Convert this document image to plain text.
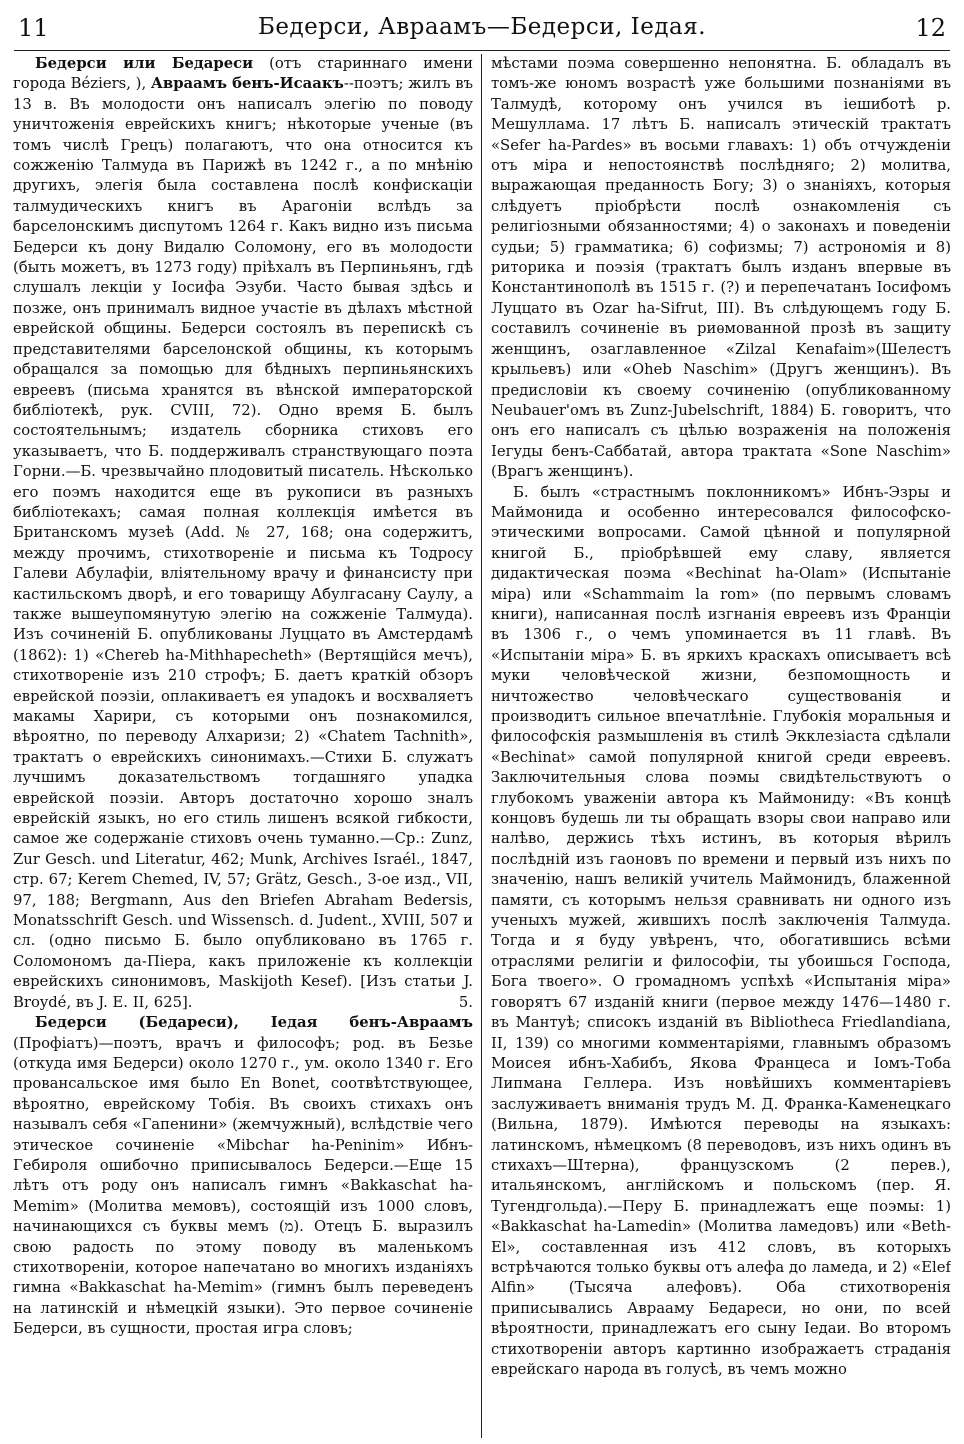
11	Бедерси, Авраамъ—Бедерси, Іедая.	12

Бедерси или Бедареси (отъ стариннаго имени города Béziers, ), Авраамъ бенъ-Исаакъ--поэтъ; жилъ въ 13 в. Въ молодости онъ написалъ элегію по поводу уничтоженія еврейскихъ книгъ; нѣкоторые ученые (въ томъ числѣ Грецъ) полагаютъ, что она относится къ сожженію Талмуда въ Парижѣ въ 1242 г., а по мнѣнію другихъ, элегія была составлена послѣ конфискаціи талмудическихъ книгъ въ Арагоніи вслѣдъ за барселонскимъ диспутомъ 1264 г. Какъ видно изъ письма Бедерси къ дону Видалю Соломону, его въ молодости (быть можетъ, въ 1273 году) пріѣхалъ въ Перпиньянъ, гдѣ слушалъ лекціи у Іосифа Эзуби. Часто бывая здѣсь и позже, онъ принималъ видное участіе въ дѣлахъ мѣстной еврейской общины. Бедерси состоялъ въ перепискѣ съ представителями барселонской общины, къ которымъ обращался за помощью для бѣдныхъ перпиньянскихъ евреевъ (письма хранятся въ вѣнской императорской библіотекѣ, рук. CVIII, 72). Одно время Б. былъ состоятельнымъ; издатель сборника стиховъ его указываетъ, что Б. поддерживалъ странствующаго поэта Горни.—Б. чрезвычайно плодовитый писатель. Нѣсколько его поэмъ находится еще въ рукописи въ разныхъ библіотекахъ; самая полная коллекція имѣется въ Британскомъ музеѣ (Add. № 27, 168; она содержитъ, между прочимъ, стихотвореніе и письма къ Тодросу Галеви Абулафіи, вліятельному врачу и финансисту при кастильскомъ дворѣ, и его товарищу Абулгасану Саулу, а также вышеупомянутую элегію на сожженіе Талмуда). Изъ сочиненій Б. опубликованы Луццато въ Амстердамѣ (1862): 1) «Chereb ha-Mithhapecheth» (Вертящійся мечъ), стихотвореніе изъ 210 строфъ; Б. даетъ краткій обзоръ еврейской поэзіи, оплакиваетъ ея упадокъ и восхваляетъ макамы Харири, съ которыми онъ познакомился, вѣроятно, по переводу Алхаризи; 2) «Chatem Tachnith», трактатъ о еврейскихъ синонимахъ.—Стихи Б. служатъ лучшимъ доказательствомъ тогдашняго упадка еврейской поэзіи. Авторъ достаточно хорошо зналъ еврейскій языкъ, но его стиль лишенъ всякой гибкости, самое же содержаніе стиховъ очень туманно.—Ср.: Zunz, Zur Gesch. und Literatur, 462; Munk, Archives Israél., 1847, стр. 67; Kerem Chemed, IV, 57; Grätz, Gesch., 3-ое изд., VII, 97, 188; Bergmann, Aus den Briefen Abraham Bedersis, Monatsschrift Gesch. und Wissensch. d. Judent., XVIII, 507 и сл. (одно письмо Б. было опубликовано въ 1765 г. Соломономъ да-Піера, какъ приложеніе къ коллекціи еврейскихъ синонимовъ, Maskijoth Kesef). [Изъ статьи J. Broydé, въ J. E. II, 625].	5.

Бедерси (Бедареси), Іедая бенъ-Авраамъ (Профіатъ)—поэтъ, врачъ и философъ; род. въ Безье (откуда имя Бедерси) около 1270 г., ум. около 1340 г. Его провансальское имя было En Bonet, соотвѣтствующее, вѣроятно, еврейскому Тобія. Въ своихъ стихахъ онъ называлъ себя «Гапенини» (жемчужный), вслѣдствіе чего этическое сочиненіе «Mibchar ha-Peninim» Ибнъ-Гебироля ошибочно приписывалось Бедерси.—Еще 15 лѣтъ отъ роду онъ написалъ гимнъ «Bakkaschat ha-Memim» (Молитва мемовъ), состоящій изъ 1000 словъ, начинающихся съ буквы мемъ (מ). Отецъ Б. выразилъ свою радость по этому поводу въ маленькомъ стихотвореніи, которое напечатано во многихъ изданіяхъ гимна «Bakkaschat ha-Memim» (гимнъ былъ переведенъ на латинскій и нѣмецкій языки). Это первое сочиненіе Бедерси, въ сущности, простая игра словъ;

мѣстами поэма совершенно непонятна. Б. обладалъ въ томъ-же юномъ возрастѣ уже большими познаніями въ Талмудѣ, которому онъ учился въ іешиботѣ р. Мешуллама. 17 лѣтъ Б. написалъ этическій трактатъ «Sefer ha-Pardes» въ восьми главахъ: 1) объ отчужденіи отъ міра и непостоянствѣ послѣдняго; 2) молитва, выражающая преданность Богу; 3) о знаніяхъ, которыя слѣдуетъ пріобрѣсти послѣ ознакомленія съ религіозными обязанностями; 4) о законахъ и поведеніи судьи; 5) грамматика; 6) софизмы; 7) астрономія и 8) риторика и поэзія (трактатъ былъ изданъ впервые въ Константинополѣ въ 1515 г. (?) и перепечатанъ Іосифомъ Луццато въ Ozar ha-Sifrut, III). Въ слѣдующемъ году Б. составилъ сочиненіе въ риѳмованной прозѣ въ защиту женщинъ, озаглавленное «Zilzal Kenafaim»(Шелестъ крыльевъ) или «Oheb Naschim» (Другъ женщинъ). Въ предисловіи къ своему сочиненію (опубликованному Neubauer'омъ въ Zunz-Jubelschrift, 1884) Б. говоритъ, что онъ его написалъ съ цѣлью возраженія на положенія Іегуды бенъ-Саббатай, автора трактата «Sone Naschim» (Врагъ женщинъ).

Б. былъ «страстнымъ поклонникомъ» Ибнъ-Эзры и Маймонида и особенно интересовался философско-этическими вопросами. Самой цѣнной и популярной книгой Б., пріобрѣвшей ему славу, является дидактическая поэма «Bechinat ha-Olam» (Испытаніе міра) или «Schammaim la rom» (по первымъ словамъ книги), написанная послѣ изгнанія евреевъ изъ Франціи въ 1306 г., о чемъ упоминается въ 11 главѣ. Въ «Испытаніи міра» Б. въ яркихъ краскахъ описываетъ всѣ муки человѣческой жизни, безпомощность и ничтожество человѣческаго существованія и производитъ сильное впечатлѣніе. Глубокія моральныя и философскія размышленія въ стилѣ Экклезіаста сдѣлали «Bechinat» самой популярной книгой среди евреевъ. Заключительныя слова поэмы свидѣтельствуютъ о глубокомъ уваженіи автора къ Маймониду: «Въ концѣ концовъ будешь ли ты обращать взоры свои направо или налѣво, держись тѣхъ истинъ, въ которыя вѣрилъ послѣдній изъ гаоновъ по времени и первый изъ нихъ по значенію, нашъ великій учитель Маймонидъ, блаженной памяти, съ которымъ нельзя сравнивать ни одного изъ ученыхъ мужей, жившихъ послѣ заключенія Талмуда. Тогда и я буду увѣренъ, что, обогатившись всѣми отраслями религіи и философіи, ты убоишься Господа, Бога твоего». О громадномъ успѣхѣ «Испытанія міра» говорятъ 67 изданій книги (первое между 1476—1480 г. въ Мантуѣ; списокъ изданій въ Bibliotheca Friedlandiana, II, 139) со многими комментаріями, главнымъ образомъ Моисея ибнъ-Хабибъ, Якова Францеса и Іомъ-Тоба Липмана Геллера. Изъ новѣйшихъ комментаріевъ заслуживаетъ вниманія трудъ М. Д. Франка-Каменецкаго (Вильна, 1879). Имѣются переводы на языкахъ: латинскомъ, нѣмецкомъ (8 переводовъ, изъ нихъ одинъ въ стихахъ—Штерна), французскомъ (2 перев.), итальянскомъ, англійскомъ и польскомъ (пер. Я. Тугендгольда).—Перу Б. принадлежатъ еще поэмы: 1) «Bakkaschat ha-Lamedin» (Молитва ламедовъ) или «Beth-El», составленная изъ 412 словъ, въ которыхъ встрѣчаются только буквы отъ алефа до ламеда, и 2) «Elef Alfin» (Тысяча алефовъ). Оба стихотворенія приписывались Аврааму Бедареси, но они, по всей вѣроятности, принадлежатъ его сыну Іедаи. Во второмъ стихотвореніи авторъ картинно изображаетъ страданія еврейскаго народа въ голусѣ, въ чемъ можно
